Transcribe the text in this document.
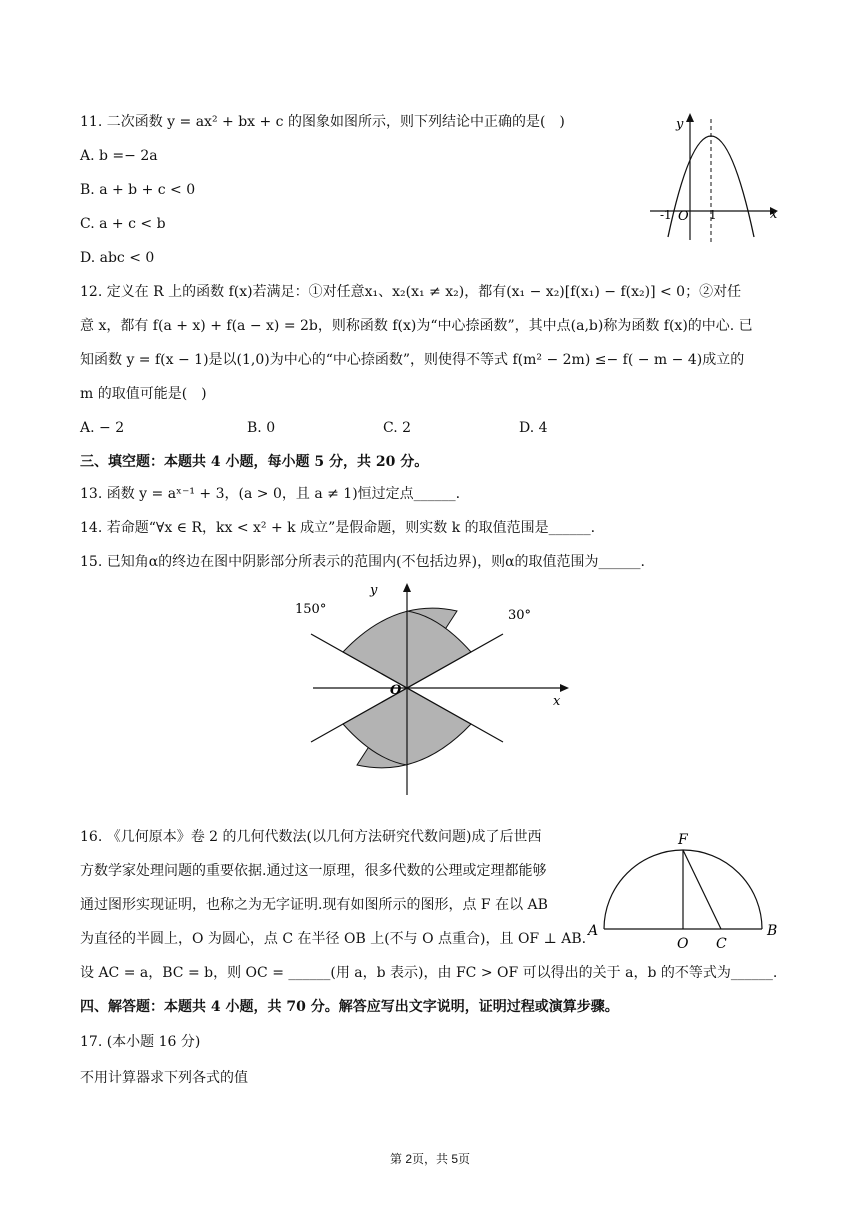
11. 二次函数 y = ax² + bx + c 的图象如图所示，则下列结论中正确的是(　)
A. b =− 2a
B. a + b + c < 0
C. a + c < b
D. abc < 0
y
x
-1 O 1
12. 定义在 R 上的函数 f(x)若满足：①对任意x₁、x₂(x₁ ≠ x₂)，都有(x₁ − x₂)[f(x₁) − f(x₂)] < 0；②对任
意 x，都有 f(a + x) + f(a − x) = 2b，则称函数 f(x)为“中心捺函数”，其中点(a,b)称为函数 f(x)的中心. 已
知函数 y = f(x − 1)是以(1,0)为中心的“中心捺函数”，则使得不等式 f(m² − 2m) ≤− f( − m − 4)成立的
m 的取值可能是(　)
A. − 2	B. 0	C. 2	D. 4
三、填空题：本题共 4 小题，每小题 5 分，共 20 分。
13. 函数 y = aˣ⁻¹ + 3，(a > 0，且 a ≠ 1)恒过定点______.
14. 若命题“∀x ∈ R，kx < x² + k 成立”是假命题，则实数 k 的取值范围是______.
15. 已知角α的终边在图中阴影部分所表示的范围内(不包括边界)，则α的取值范围为______.
150°	30°
y
x
O
16. 《几何原本》卷 2 的几何代数法(以几何方法研究代数问题)成了后世西
方数学家处理问题的重要依据.通过这一原理，很多代数的公理或定理都能够
通过图形实现证明，也称之为无字证明.现有如图所示的图形，点 F 在以 AB
为直径的半圆上，O 为圆心，点 C 在半径 OB 上(不与 O 点重合)，且 OF ⊥ AB.
设 AC = a，BC = b，则 OC = ______(用 a，b 表示)，由 FC > OF 可以得出的关于 a，b 的不等式为______.
F
A
O C
B
四、解答题：本题共 4 小题，共 70 分。解答应写出文字说明，证明过程或演算步骤。
17. (本小题 16 分)
不用计算器求下列各式的值
第 2页，共 5页
